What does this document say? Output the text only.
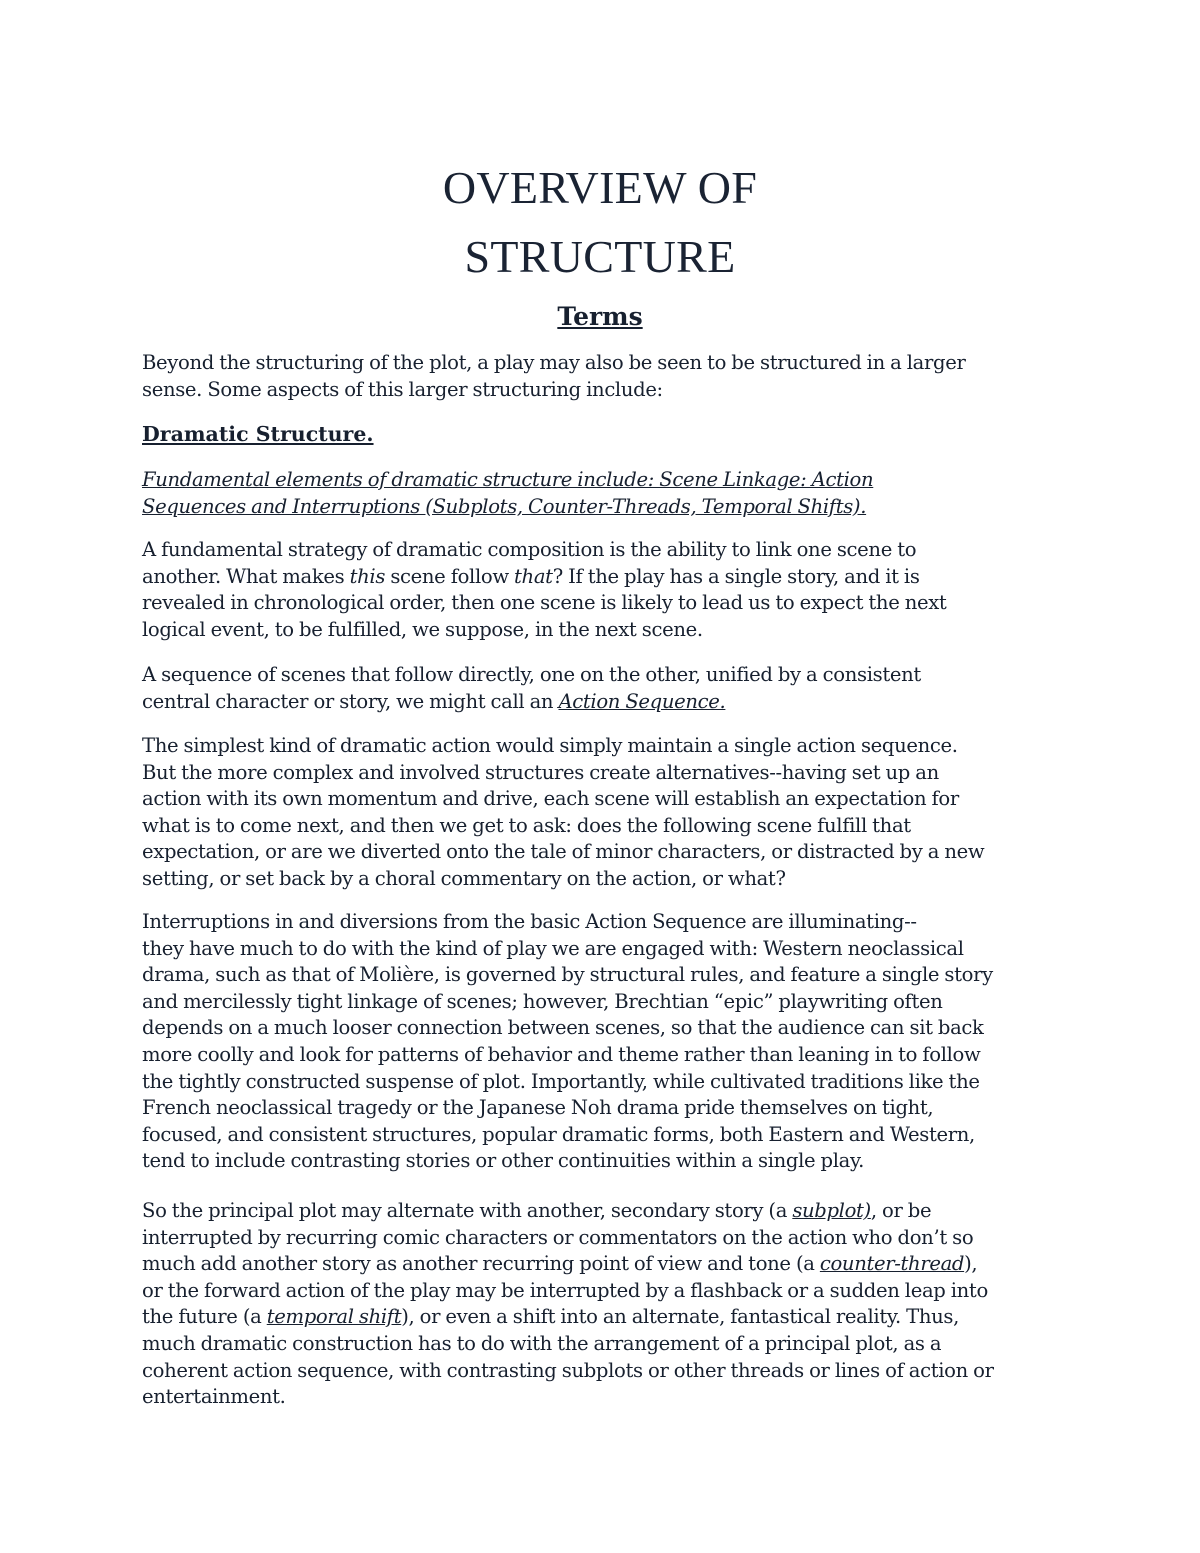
OVERVIEW OF
STRUCTURE
Terms

Beyond the structuring of the plot, a play may also be seen to be structured in a larger
sense. Some aspects of this larger structuring include:

Dramatic Structure.

Fundamental elements of dramatic structure include: Scene Linkage: Action
Sequences and Interruptions (Subplots, Counter-Threads, Temporal Shifts).

A fundamental strategy of dramatic composition is the ability to link one scene to
another. What makes this scene follow that? If the play has a single story, and it is
revealed in chronological order, then one scene is likely to lead us to expect the next
logical event, to be fulfilled, we suppose, in the next scene.

A sequence of scenes that follow directly, one on the other, unified by a consistent
central character or story, we might call an Action Sequence.

The simplest kind of dramatic action would simply maintain a single action sequence.
But the more complex and involved structures create alternatives--having set up an
action with its own momentum and drive, each scene will establish an expectation for
what is to come next, and then we get to ask: does the following scene fulfill that
expectation, or are we diverted onto the tale of minor characters, or distracted by a new
setting, or set back by a choral commentary on the action, or what?

Interruptions in and diversions from the basic Action Sequence are illuminating--
they have much to do with the kind of play we are engaged with: Western neoclassical
drama, such as that of Molière, is governed by structural rules, and feature a single story
and mercilessly tight linkage of scenes; however, Brechtian “epic” playwriting often
depends on a much looser connection between scenes, so that the audience can sit back
more coolly and look for patterns of behavior and theme rather than leaning in to follow
the tightly constructed suspense of plot. Importantly, while cultivated traditions like the
French neoclassical tragedy or the Japanese Noh drama pride themselves on tight,
focused, and consistent structures, popular dramatic forms, both Eastern and Western,
tend to include contrasting stories or other continuities within a single play.

So the principal plot may alternate with another, secondary story (a subplot), or be
interrupted by recurring comic characters or commentators on the action who don’t so
much add another story as another recurring point of view and tone (a counter-thread),
or the forward action of the play may be interrupted by a flashback or a sudden leap into
the future (a temporal shift), or even a shift into an alternate, fantastical reality. Thus,
much dramatic construction has to do with the arrangement of a principal plot, as a
coherent action sequence, with contrasting subplots or other threads or lines of action or
entertainment.
